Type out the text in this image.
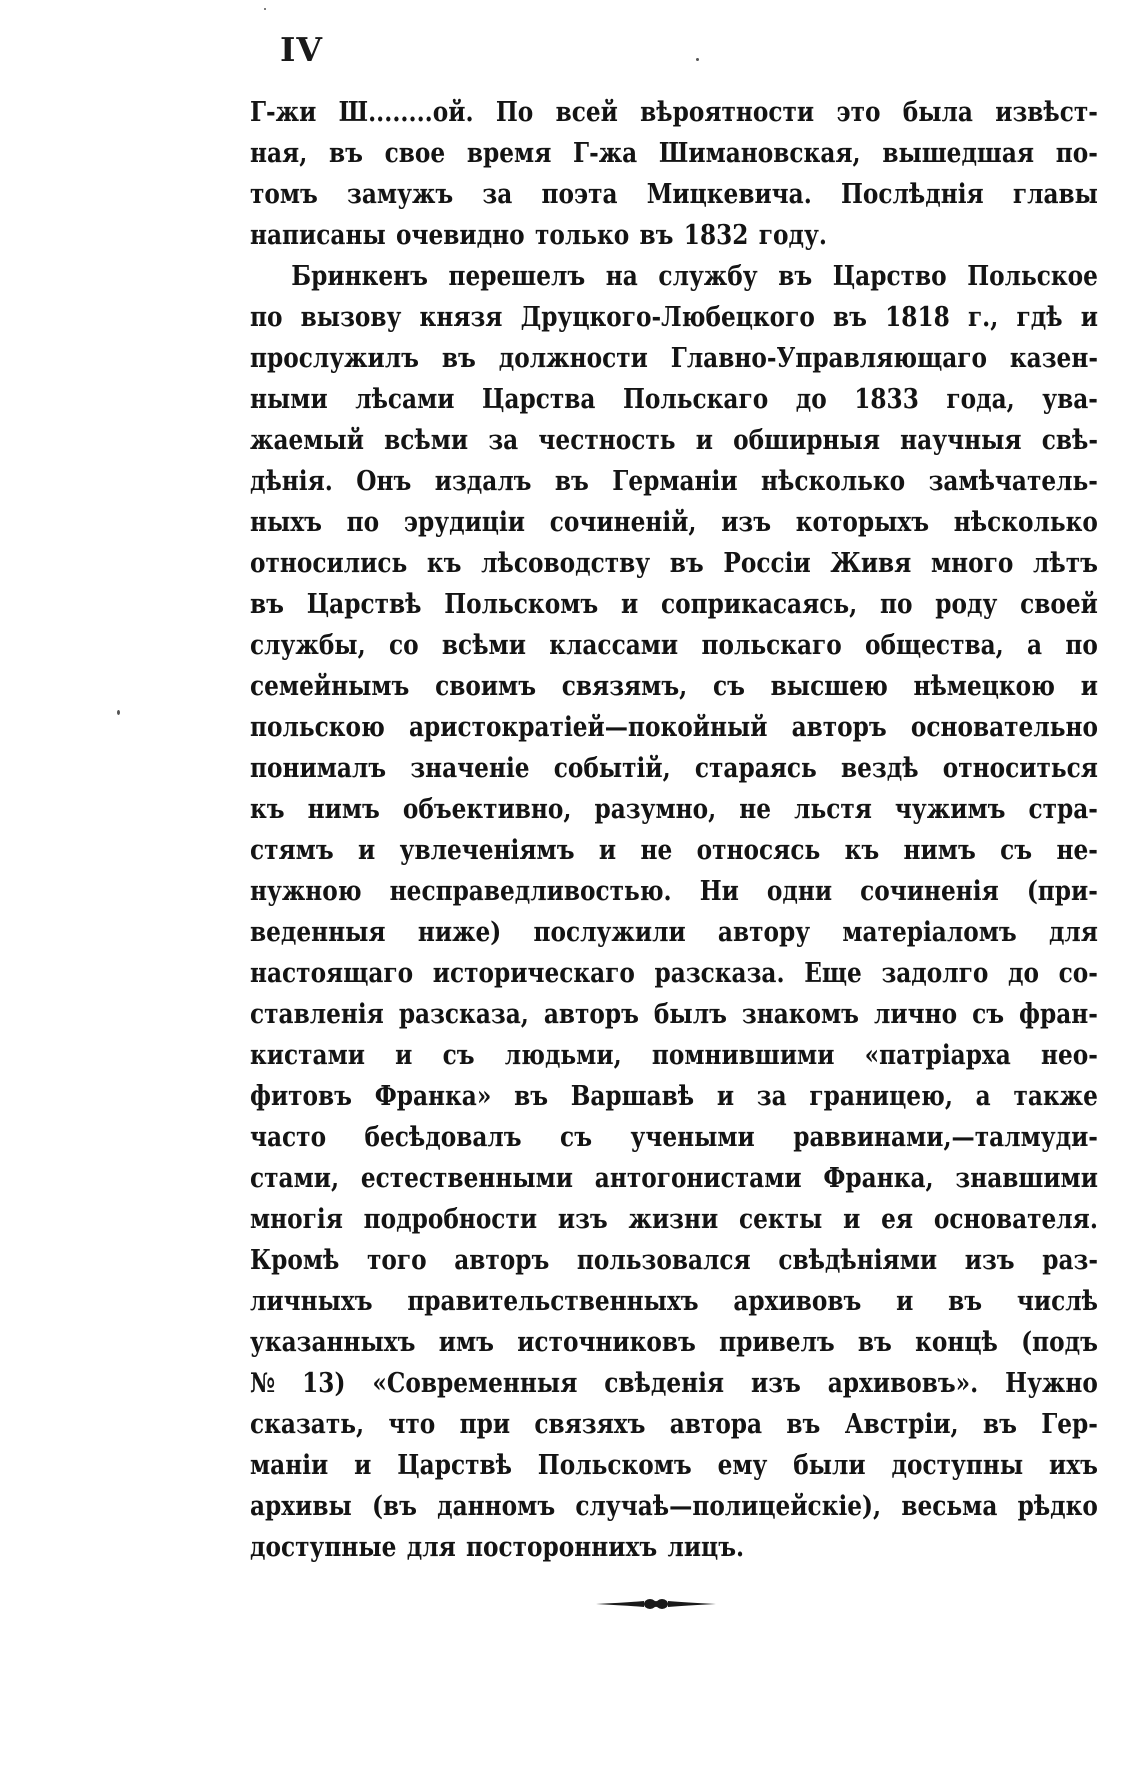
IV
Г-жи Ш........ой. По всей вѣроятности это была извѣст-
ная, въ свое время Г-жа Шимановская, вышедшая по-
томъ замужъ за поэта Мицкевича. Послѣднія главы
написаны очевидно только въ 1832 году.
Бринкенъ перешелъ на службу въ Царство Польское
по вызову князя Друцкого-Любецкого въ 1818 г., гдѣ и
прослужилъ въ должности Главно-Управляющаго казен-
ными лѣсами Царства Польскаго до 1833 года, ува-
жаемый всѣми за честность и обширныя научныя свѣ-
дѣнія. Онъ издалъ въ Германіи нѣсколько замѣчатель-
ныхъ по эрудиціи сочиненій, изъ которыхъ нѣсколько
относились къ лѣсоводству въ Россіи Живя много лѣтъ
въ Царствѣ Польскомъ и соприкасаясь, по роду своей
службы, со всѣми классами польскаго общества, а по
семейнымъ своимъ связямъ, съ высшею нѣмецкою и
польскою аристократіей—покойный авторъ основательно
понималъ значеніе событій, стараясь вездѣ относиться
къ нимъ объективно, разумно, не льстя чужимъ стра-
стямъ и увлеченіямъ и не относясь къ нимъ съ не-
нужною несправедливостью. Ни одни сочиненія (при-
веденныя ниже) послужили автору матеріаломъ для
настоящаго историческаго разсказа. Еще задолго до со-
ставленія разсказа, авторъ былъ знакомъ лично съ фран-
кистами и съ людьми, помнившими «патріарха нео-
фитовъ Франка» въ Варшавѣ и за границею, а также
часто бесѣдовалъ съ учеными раввинами,—талмуди-
стами, естественными антогонистами Франка, знавшими
многія подробности изъ жизни секты и ея основателя.
Кромѣ того авторъ пользовался свѣдѣніями изъ раз-
личныхъ правительственныхъ архивовъ и въ числѣ
указанныхъ имъ источниковъ привелъ въ концѣ (подъ
№ 13) «Современныя свѣденія изъ архивовъ». Нужно
сказать, что при связяхъ автора въ Австріи, въ Гер-
маніи и Царствѣ Польскомъ ему были доступны ихъ
архивы (въ данномъ случаѣ—полицейскіе), весьма рѣдко
доступные для постороннихъ лицъ.
